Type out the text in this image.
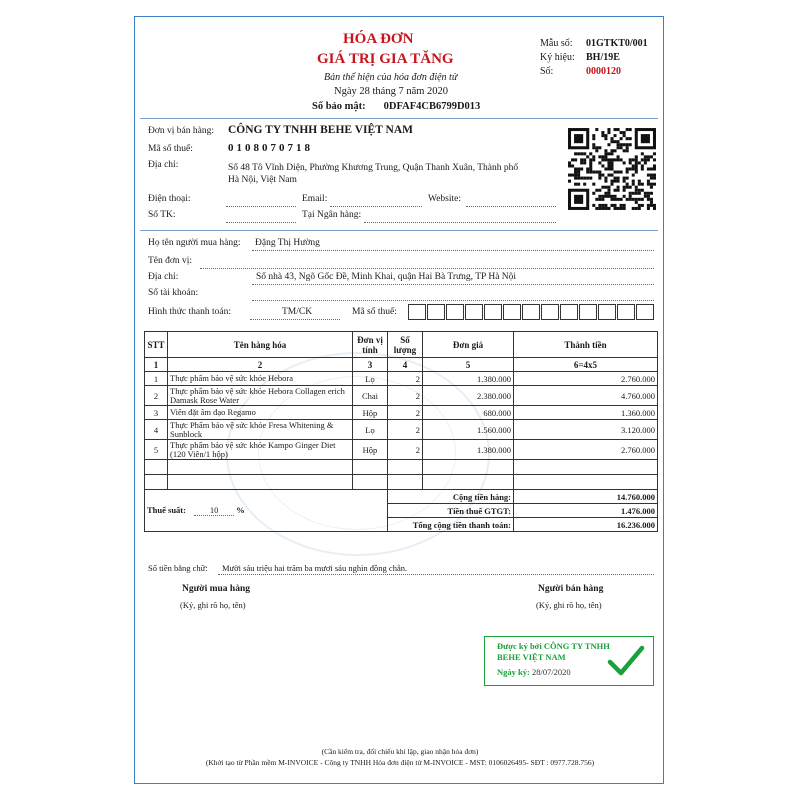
HÓA ĐƠN
GIÁ TRỊ GIA TĂNG
Bản thể hiện của hóa đơn điện tử
Ngày 28 tháng 7 năm 2020
Số bảo mật: 0DFAF4CB6799D013
Mẫu số: 01GTKT0/001
Ký hiệu: BH/19E
Số:	0000120
Đơn vị bán hàng: CÔNG TY TNHH BEHE VIỆT NAM
Mã số thuế:	0108070718
Địa chỉ:	Số 48 Tô Vĩnh Diện, Phường Khương Trung, Quận Thanh Xuân, Thành phố
Hà Nội, Việt Nam
Điện thoại:	Email:	Website:
Số TK:	Tại Ngân hàng:
Họ tên người mua hàng: Đặng Thị Hường
Tên đơn vị:
Địa chỉ:	Số nhà 43, Ngõ Gốc Đề, Minh Khai, quận Hai Bà Trưng, TP Hà Nội
Số tài khoản:
Hình thức thanh toán:	TM/CK	Mã số thuế:
STT	Tên hàng hóa	Đơn vị tính	Số lượng	Đơn giá	Thành tiền
1	2	3	4	5	6=4x5
1	Thực phẩm bảo vệ sức khỏe Hebora	Lọ	2	1.380.000	2.760.000
2	Thực phẩm bảo vệ sức khỏe Hebora Collagen erich Damask Rose Water	Chai	2	2.380.000	4.760.000
3	Viên đặt âm đạo Regamo	Hộp	2	680.000	1.360.000
4	Thực Phẩm bảo vệ sức khỏe Fresa Whitening & Sunblock	Lọ	2	1.560.000	3.120.000
5	Thực phẩm bảo vệ sức khỏe Kampo Ginger Diet (120 Viên/1 hộp)	Hộp	2	1.380.000	2.760.000

Thuế suất: 10 %			Cộng tiền hàng:		14.760.000
			Tiền thuế GTGT:		1.476.000
			Tổng cộng tiền thanh toán:		16.236.000
Số tiền bằng chữ: Mười sáu triệu hai trăm ba mươi sáu nghìn đồng chẵn.
Người mua hàng
(Ký, ghi rõ họ, tên)
Người bán hàng
(Ký, ghi rõ họ, tên)
Được ký bởi CÔNG TY TNHH
BEHE VIỆT NAM
Ngày ký: 28/07/2020
(Cần kiểm tra, đối chiếu khi lập, giao nhận hóa đơn)
(Khởi tạo từ Phần mềm M-INVOICE - Công ty TNHH Hóa đơn điện tử M-INVOICE - MST: 0106026495- SĐT : 0977.728.756)
